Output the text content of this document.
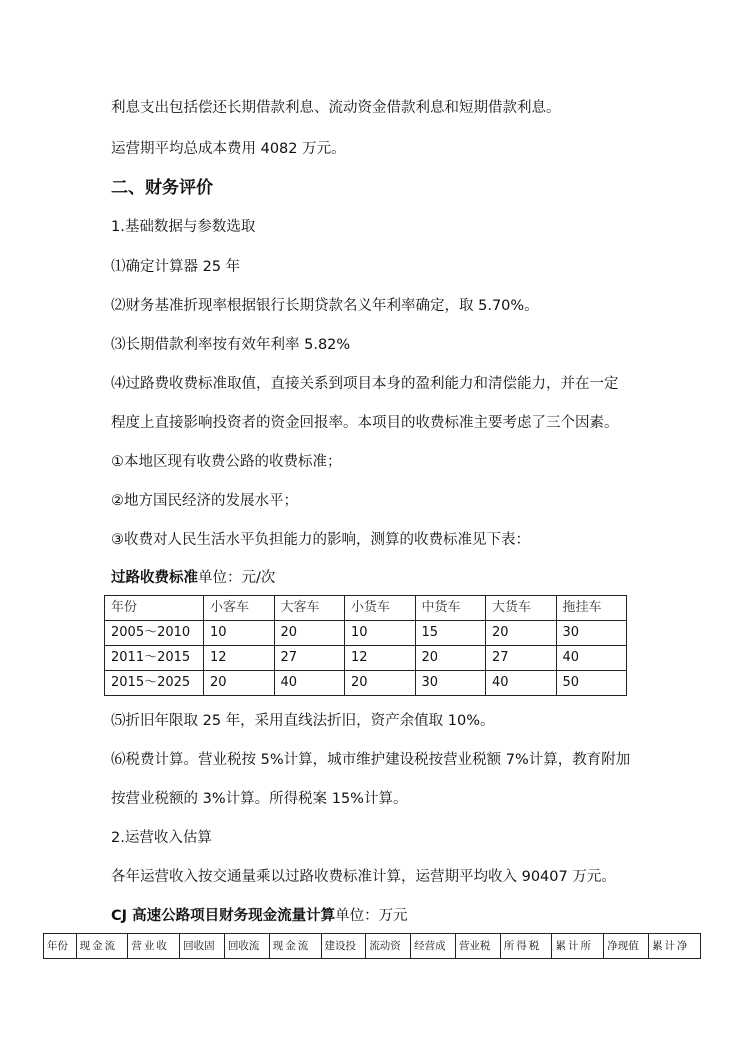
利息支出包括偿还长期借款利息、流动资金借款利息和短期借款利息。
运营期平均总成本费用 4082 万元。
二、财务评价
1.基础数据与参数选取
⑴确定计算器 25 年
⑵财务基准折现率根据银行长期贷款名义年利率确定，取 5.70%。
⑶长期借款利率按有效年利率 5.82%
⑷过路费收费标准取值，直接关系到项目本身的盈利能力和清偿能力，并在一定
程度上直接影响投资者的资金回报率。本项目的收费标准主要考虑了三个因素。
①本地区现有收费公路的收费标准；
②地方国民经济的发展水平；
③收费对人民生活水平负担能力的影响，测算的收费标准见下表：
过路收费标准单位：元/次
年份	小客车	大客车	小货车	中货车	大货车	拖挂车
2005～2010	10	20	10	15	20	30
2011～2015	12	27	12	20	27	40
2015～2025	20	40	20	30	40	50
⑸折旧年限取 25 年，采用直线法折旧，资产余值取 10%。
⑹税费计算。营业税按 5%计算，城市维护建设税按营业税额 7%计算，教育附加
按营业税额的 3%计算。所得税案 15%计算。
2.运营收入估算
各年运营收入按交通量乘以过路收费标准计算，运营期平均收入 90407 万元。
CJ 高速公路项目财务现金流量计算单位：万元
年份	现金流	营业收	回收固	回收流	现金流	建设投	流动资	经营成	营业税	所得税	累计所	净现值	累计净
